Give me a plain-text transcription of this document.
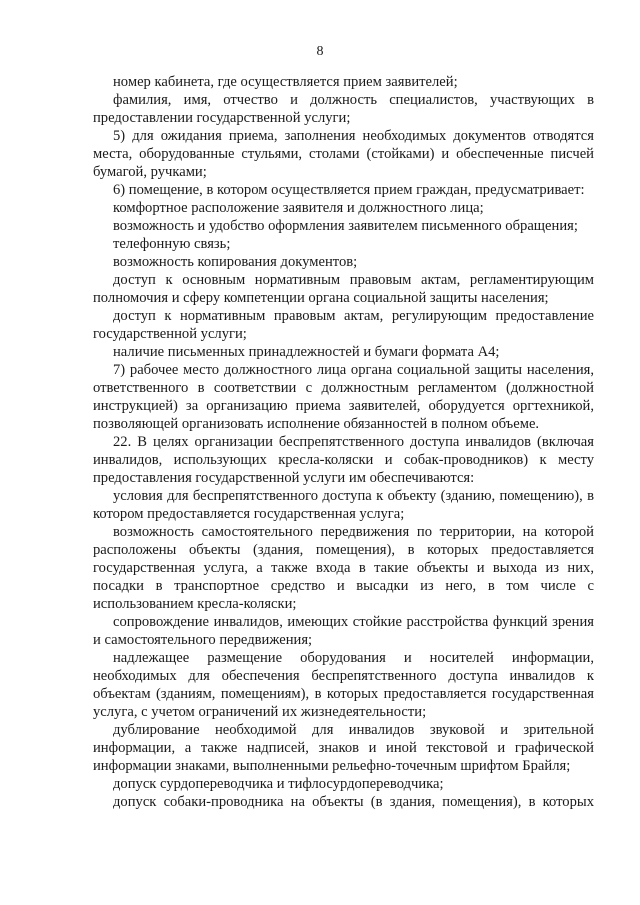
8

номер кабинета, где осуществляется прием заявителей;

фамилия, имя, отчество и должность специалистов, участвующих в предоставлении государственной услуги;

5) для ожидания приема, заполнения необходимых документов отводятся места, оборудованные стульями, столами (стойками) и обеспеченные писчей бумагой, ручками;

6) помещение, в котором осуществляется прием граждан, предусматривает:

комфортное расположение заявителя и должностного лица;

возможность и удобство оформления заявителем письменного обращения;

телефонную связь;

возможность копирования документов;

доступ к основным нормативным правовым актам, регламентирующим полномочия и сферу компетенции органа социальной защиты населения;

доступ к нормативным правовым актам, регулирующим предоставление государственной услуги;

наличие письменных принадлежностей и бумаги формата А4;

7) рабочее место должностного лица органа социальной защиты населения, ответственного в соответствии с должностным регламентом (должностной инструкцией) за организацию приема заявителей, оборудуется оргтехникой, позволяющей организовать исполнение обязанностей в полном объеме.

22. В целях организации беспрепятственного доступа инвалидов (включая инвалидов, использующих кресла-коляски и собак-проводников) к месту предоставления государственной услуги им обеспечиваются:

условия для беспрепятственного доступа к объекту (зданию, помещению), в котором предоставляется государственная услуга;

возможность самостоятельного передвижения по территории, на которой расположены объекты (здания, помещения), в которых предоставляется государственная услуга, а также входа в такие объекты и выхода из них, посадки в транспортное средство и высадки из него, в том числе с использованием кресла-коляски;

сопровождение инвалидов, имеющих стойкие расстройства функций зрения и самостоятельного передвижения;

надлежащее размещение оборудования и носителей информации, необходимых для обеспечения беспрепятственного доступа инвалидов к объектам (зданиям, помещениям), в которых предоставляется государственная услуга, с учетом ограничений их жизнедеятельности;

дублирование необходимой для инвалидов звуковой и зрительной информации, а также надписей, знаков и иной текстовой и графической информации знаками, выполненными рельефно-точечным шрифтом Брайля;

допуск сурдопереводчика и тифлосурдопереводчика;

допуск собаки-проводника на объекты (в здания, помещения), в которых
